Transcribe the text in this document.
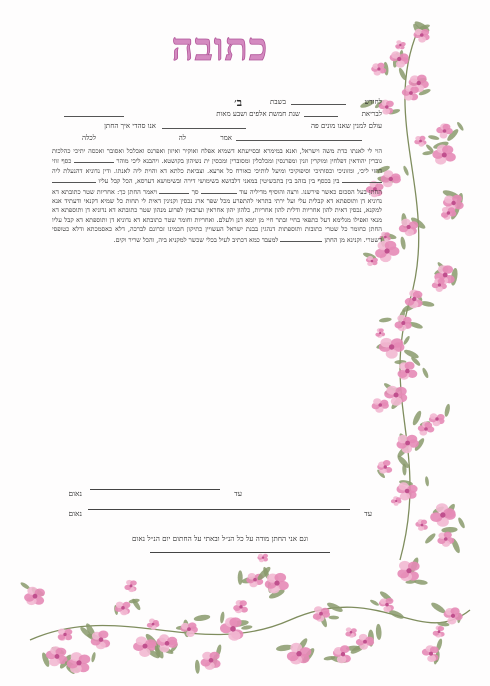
כתובה
ב׳	בשבת	לחודש
שנת חמשת אלפים ושבע מאות	לבריאת
אנו סהדי איך החתן	עולם למנין שאנו מונים פה
לכלה	לה	אמר
הוי לי לאנתו כדת משה וישראל, ואנא במימרא ובסייעתא דשמיא אפלח ואוקיר ואיזון ואפרנס ואכלכל ואסובר ואכסה יתיכי כהלכות גוברין יהודאין דפלחין ומוקרין וזנין ומפרנסין ומכלכלין ומסוברין ומכסין ית נשיהון בקושטא. ויהבנא ליכי מוהר  כסף זוזי דחזי ליכי, ומזוניכי וכסותיכי וסיפוקיכי ומיעל לותיכי כאורח כל ארעא. וצביאת כלתא דא והוית ליה לאנתו. ודין נדוניא דהנעלת ליה  בין בכסף בין בזהב בין בתכשיטין במאני דלבושא בשימושי דירה ובשימושא דערסא, הכל קבל עליו  החתן בעל הסכום כאשר פירשנו. ורצה והוסיף מדיליה עוד  סך  ויאמר החתן כך: אחריות שטר כתובתא דא נדוניא דן ותוספתא דא קבלית עלי ועל ירתי בתראי להתפרע מכל שפר ארג נכסין וקנינין דאית לי תחות כל שמיא דקנאי ודעתיד אנא למקנא, נכסין דאית להון אחריות ודלית להון אחריות, כלהון יהון אחראין וערבאין לפרוע מנהון שטר כתובתא דא נדוניא דן ותוספתא דא מנאי ואפילו מגלימא דעל כתפאי בחיי ובתר חיי מן יומא דנן ולעלם. ואחריות וחומר שטר כתובתא דא נדוניא דן ותוספתא דא קבל עליו החתן כחומר כל שטרי כתובות ותוספתות דנהגין בבנת ישראל העשויין כתיקון חכמינו זכרונם לברכה, דלא כאסמכתא ודלא כטופסי דשטרי. וקנינא מן החתן  למעבד כמא דכתיב לעיל בכלי שכשר למקניא ביה, והכל שריר וקים.
עד
נאום
עד
נאום
וגם אני החתן מודה על כל הנ״ל ובאתי על החתום יום הנ״ל נאום
